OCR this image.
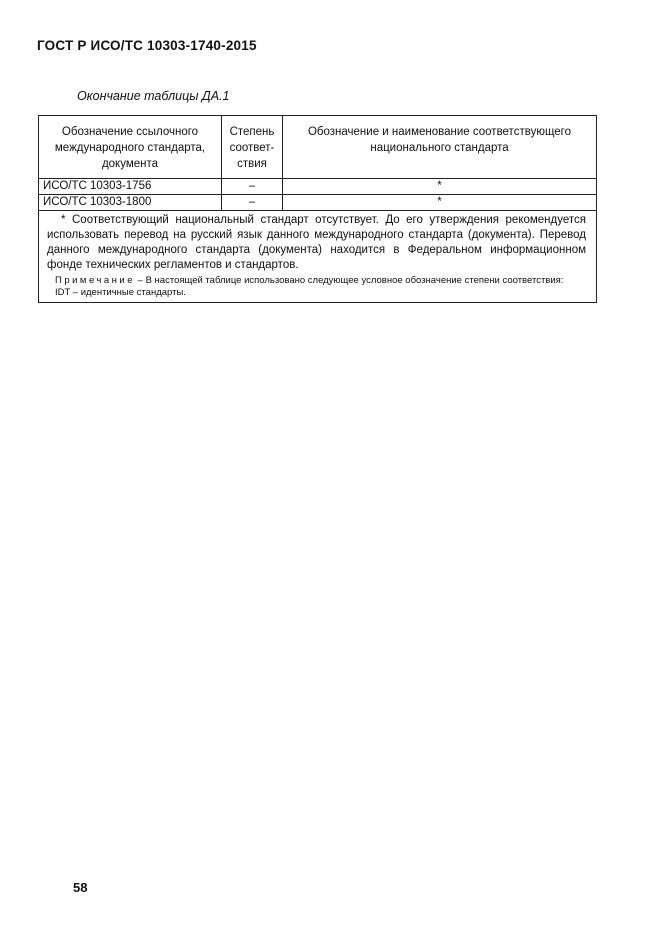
ГОСТ Р ИСО/ТС 10303-1740-2015
Окончание таблицы ДА.1
Обозначение ссылочного международного стандарта, документа	Степень соответ-ствия	Обозначение и наименование соответствующего национального стандарта
ИСО/ТС 10303-1756	–	*
ИСО/ТС 10303-1800	–	*

* Соответствующий национальный стандарт отсутствует. До его утверждения рекомендуется использовать перевод на русский язык данного международного стандарта (документа). Перевод данного международного стандарта (документа) находится в Федеральном информационном фонде технических регламентов и стандартов.

Примечание – В настоящей таблице использовано следующее условное обозначение степени соответствия:

IDT – идентичные стандарты.		

58
